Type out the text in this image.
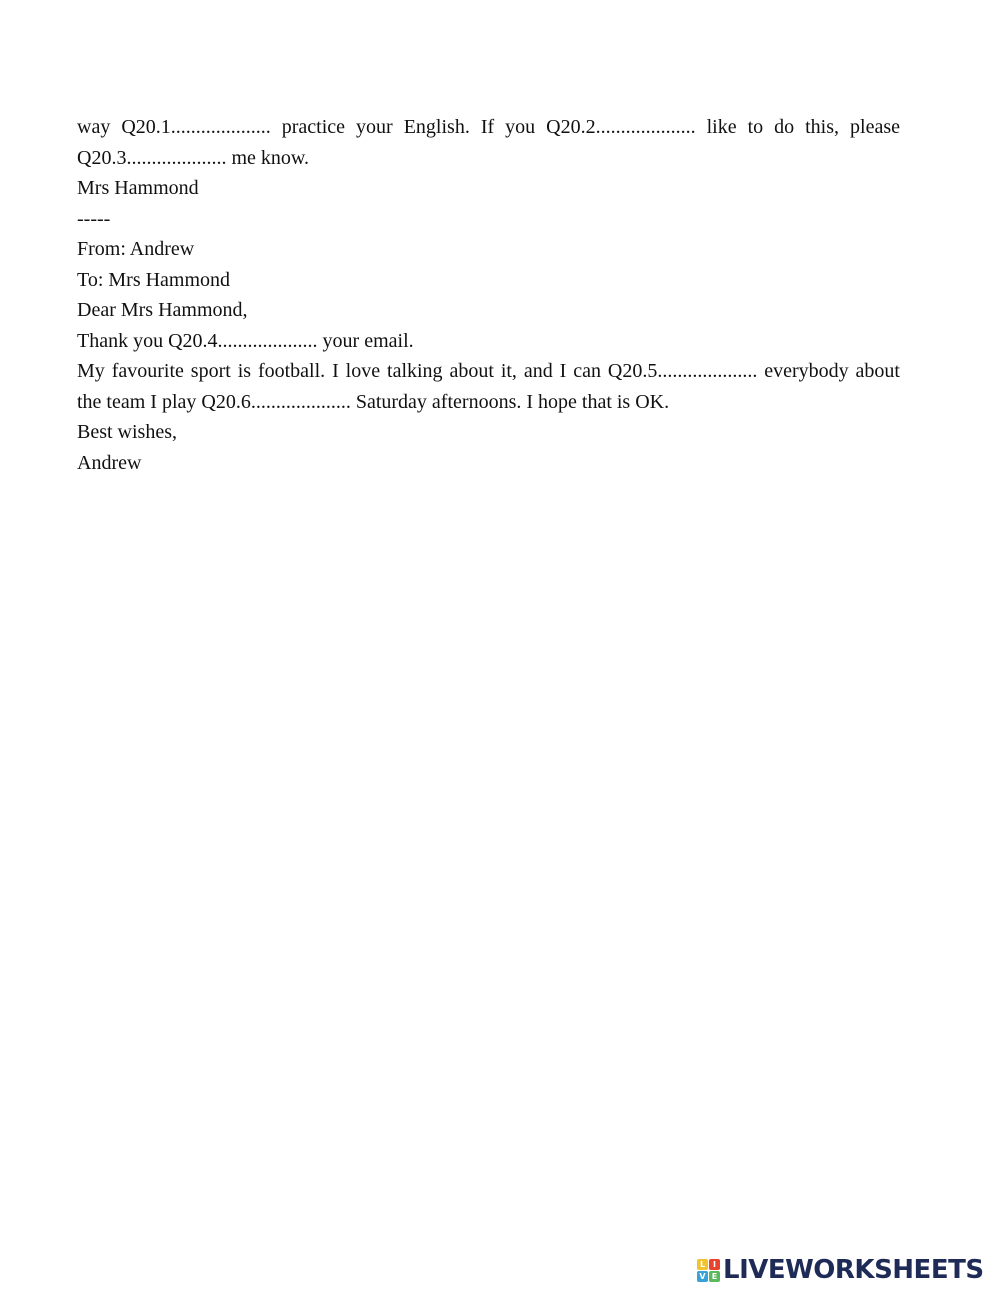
way Q20.1.................... practice your English. If you Q20.2.................... like to do this, please
Q20.3.................... me know.
Mrs Hammond
-----
From: Andrew
To: Mrs Hammond
Dear Mrs Hammond,
Thank you Q20.4.................... your email.
My favourite sport is football. I love talking about it, and I can Q20.5.................... everybody about
the team I play Q20.6.................... Saturday afternoons. I hope that is OK.
Best wishes,
Andrew
L I
V E LIVEWORKSHEETS
